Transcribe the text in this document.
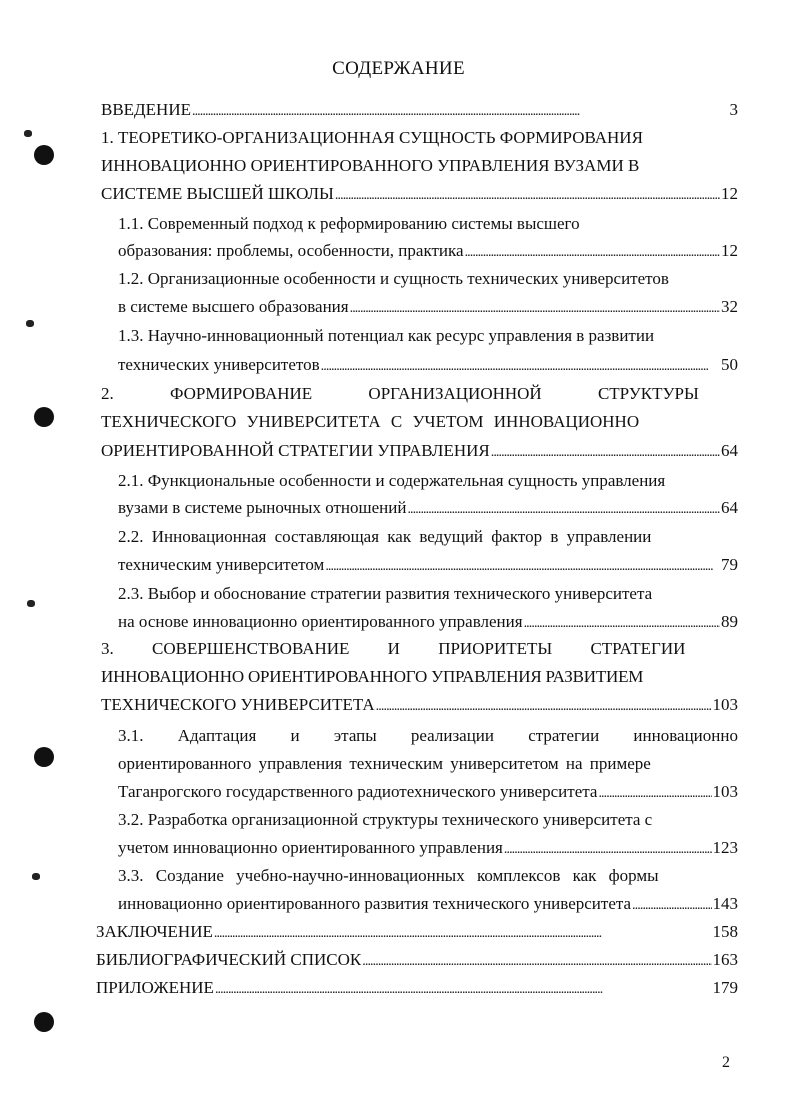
СОДЕРЖАНИЕ
ВВЕДЕНИЕ . . .	3
1. ТЕОРЕТИКО-ОРГАНИЗАЦИОННАЯ СУЩНОСТЬ ФОРМИРОВАНИЯ
ИННОВАЦИОННО ОРИЕНТИРОВАННОГО УПРАВЛЕНИЯ ВУЗАМИ В
СИСТЕМЕ ВЫСШЕЙ ШКОЛЫ . . .	12
1.1. Современный подход к реформированию системы высшего
образования: проблемы, особенности, практика . . .	12
1.2. Организационные особенности и сущность технических университетов
в системе высшего образования . . .	32
1.3. Научно-инновационный потенциал как ресурс управления в развитии
технических университетов . . .	50
2. ФОРМИРОВАНИЕ ОРГАНИЗАЦИОННОЙ СТРУКТУРЫ
ТЕХНИЧЕСКОГО УНИВЕРСИТЕТА С УЧЕТОМ ИННОВАЦИОННО
ОРИЕНТИРОВАННОЙ СТРАТЕГИИ УПРАВЛЕНИЯ . . .	64
2.1. Функциональные особенности и содержательная сущность управления
вузами в системе рыночных отношений . . .	64
2.2. Инновационная составляющая как ведущий фактор в управлении
техническим университетом . . .	79
2.3. Выбор и обоснование стратегии развития технического университета
на основе инновационно ориентированного управления . . .	89
3. СОВЕРШЕНСТВОВАНИЕ И ПРИОРИТЕТЫ СТРАТЕГИИ
ИННОВАЦИОННО ОРИЕНТИРОВАННОГО УПРАВЛЕНИЯ РАЗВИТИЕМ
ТЕХНИЧЕСКОГО УНИВЕРСИТЕТА . . .	103
3.1. Адаптация и этапы реализации стратегии инновационно
ориентированного управления техническим университетом на примере
Таганрогского государственного радиотехнического университета . . .	103
3.2. Разработка организационной структуры технического университета с
учетом инновационно ориентированного управления . . .	123
3.3. Создание учебно-научно-инновационных комплексов как формы
инновационно ориентированного развития технического университета . . .	143
ЗАКЛЮЧЕНИЕ . . .	158
БИБЛИОГРАФИЧЕСКИЙ СПИСОК . . .	163
ПРИЛОЖЕНИЕ . . .	179
2
